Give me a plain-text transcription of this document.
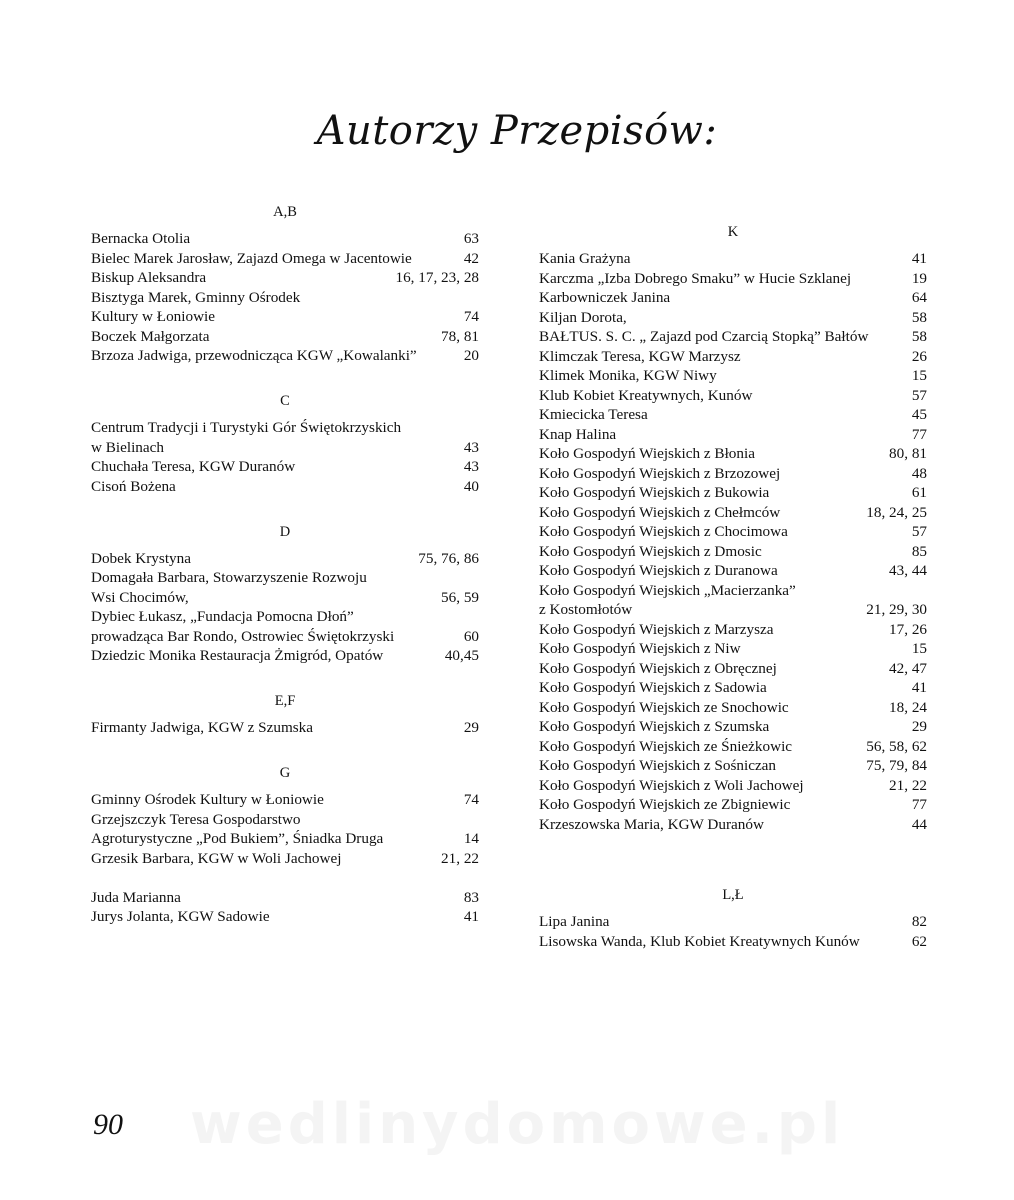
Autorzy Przepisów:
A,B
Bernacka Otolia	63
Bielec Marek Jarosław, Zajazd Omega w Jacentowie	42
Biskup Aleksandra	16, 17, 23, 28
Bisztyga Marek, Gminny Ośrodek
Kultury w Łoniowie	74
Boczek Małgorzata	78, 81
Brzoza Jadwiga, przewodnicząca KGW „Kowalanki”	20
C
Centrum Tradycji i Turystyki Gór Świętokrzyskich
w Bielinach	43
Chuchała Teresa, KGW Duranów	43
Cisoń Bożena	40
D
Dobek Krystyna	75, 76, 86
Domagała Barbara, Stowarzyszenie Rozwoju
Wsi Chocimów,	56, 59
Dybiec Łukasz, „Fundacja Pomocna Dłoń”
prowadząca Bar Rondo, Ostrowiec Świętokrzyski	60
Dziedzic Monika Restauracja Żmigród, Opatów	40,45
E,F
Firmanty Jadwiga, KGW z Szumska	29
G
Gminny Ośrodek Kultury w Łoniowie	74
Grzejszczyk Teresa Gospodarstwo
Agroturystyczne „Pod Bukiem”, Śniadka Druga	14
Grzesik Barbara, KGW w Woli Jachowej	21, 22
Juda Marianna	83
Jurys Jolanta, KGW Sadowie	41
K
Kania Grażyna	41
Karczma „Izba Dobrego Smaku” w Hucie Szklanej	19
Karbowniczek Janina	64
Kiljan Dorota,	58
BAŁTUS. S. C. „ Zajazd pod Czarcią Stopką” Bałtów	58
Klimczak Teresa, KGW Marzysz	26
Klimek Monika, KGW Niwy	15
Klub Kobiet Kreatywnych, Kunów	57
Kmiecicka Teresa	45
Knap Halina	77
Koło Gospodyń Wiejskich z Błonia	80, 81
Koło Gospodyń Wiejskich z Brzozowej	48
Koło Gospodyń Wiejskich z Bukowia	61
Koło Gospodyń Wiejskich z Chełmców	18, 24, 25
Koło Gospodyń Wiejskich z Chocimowa	57
Koło Gospodyń Wiejskich z Dmosic	85
Koło Gospodyń Wiejskich z Duranowa	43, 44
Koło Gospodyń Wiejskich „Macierzanka”
z Kostomłotów	21, 29, 30
Koło Gospodyń Wiejskich z Marzysza	17, 26
Koło Gospodyń Wiejskich z Niw	15
Koło Gospodyń Wiejskich z Obręcznej	42, 47
Koło Gospodyń Wiejskich z Sadowia	41
Koło Gospodyń Wiejskich ze Snochowic	18, 24
Koło Gospodyń Wiejskich z Szumska	29
Koło Gospodyń Wiejskich ze Śnieżkowic	56, 58, 62
Koło Gospodyń Wiejskich z Sośniczan	75, 79, 84
Koło Gospodyń Wiejskich z Woli Jachowej	21, 22
Koło Gospodyń Wiejskich ze Zbigniewic	77
Krzeszowska Maria, KGW Duranów	44
L,Ł
Lipa Janina	82
Lisowska Wanda, Klub Kobiet Kreatywnych Kunów	62
wedlinydomowe.pl
90
